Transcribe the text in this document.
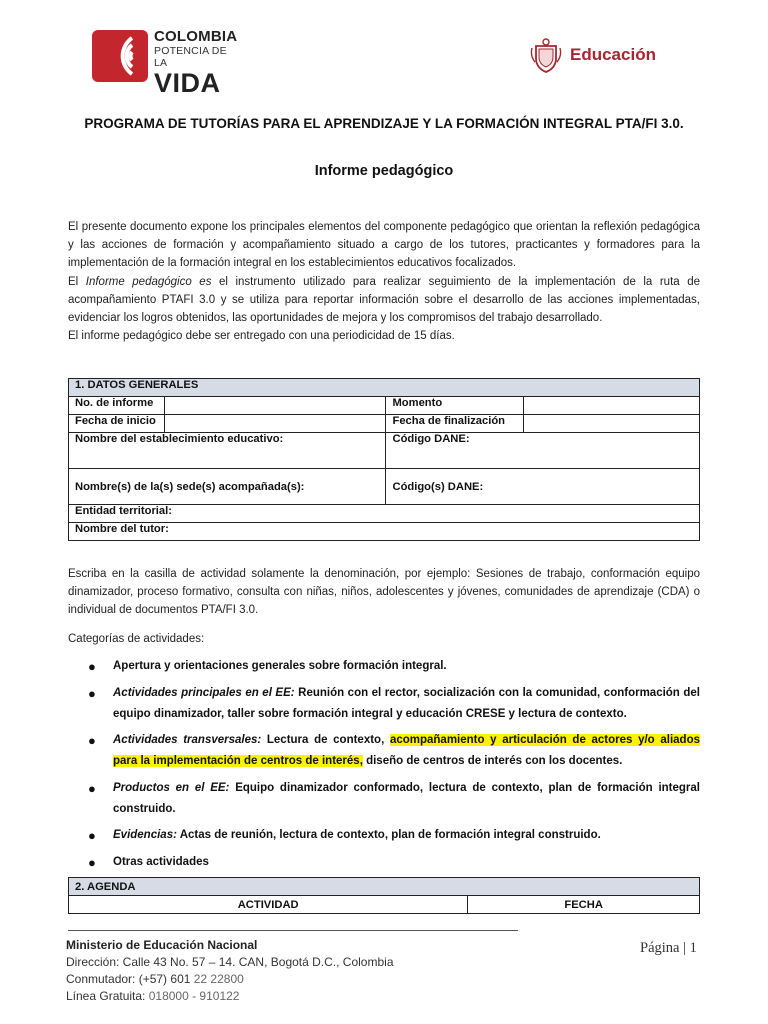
COLOMBIA
POTENCIA DE LA
VIDA
Educación
PROGRAMA DE TUTORÍAS PARA EL APRENDIZAJE Y LA FORMACIÓN INTEGRAL PTA/FI 3.0.
Informe pedagógico

El presente documento expone los principales elementos del componente pedagógico que orientan la reflexión pedagógica y las acciones de formación y acompañamiento situado a cargo de los tutores, practicantes y formadores para la implementación de la formación integral en los establecimientos educativos focalizados.

El Informe pedagógico es el instrumento utilizado para realizar seguimiento de la implementación de la ruta de acompañamiento PTAFI 3.0 y se utiliza para reportar información sobre el desarrollo de las acciones implementadas, evidenciar los logros obtenidos, las oportunidades de mejora y los compromisos del trabajo desarrollado.

El informe pedagógico debe ser entregado con una periodicidad de 15 días.

1. DATOS GENERALES			
No. de informe		Momento	
Fecha de inicio		Fecha de finalización	
Nombre del establecimiento educativo:		Código DANE:	
Nombre(s) de la(s) sede(s) acompañada(s):		Código(s) DANE:	
Entidad territorial:			
Nombre del tutor:			
Escriba en la casilla de actividad solamente la denominación, por ejemplo: Sesiones de trabajo, conformación equipo dinamizador, proceso formativo, consulta con niñas, niños, adolescentes y jóvenes, comunidades de aprendizaje (CDA) o individual de documentos PTA/FI 3.0.
Categorías de actividades:
● Apertura y orientaciones generales sobre formación integral.
● Actividades principales en el EE: Reunión con el rector, socialización con la comunidad, conformación del equipo dinamizador, taller sobre formación integral y educación CRESE y lectura de contexto.
● Actividades transversales: Lectura de contexto, acompañamiento y articulación de actores y/o aliados para la implementación de centros de interés, diseño de centros de interés con los docentes.
● Productos en el EE: Equipo dinamizador conformado, lectura de contexto, plan de formación integral construido.
● Evidencias: Actas de reunión, lectura de contexto, plan de formación integral construido.
● Otras actividades
2. AGENDA
ACTIVIDAD	FECHA
Ministerio de Educación Nacional
Dirección: Calle 43 No. 57 – 14. CAN, Bogotá D.C., Colombia
Conmutador: (+57) 601 22 22800
Línea Gratuita: 018000 - 910122
Página | 1
